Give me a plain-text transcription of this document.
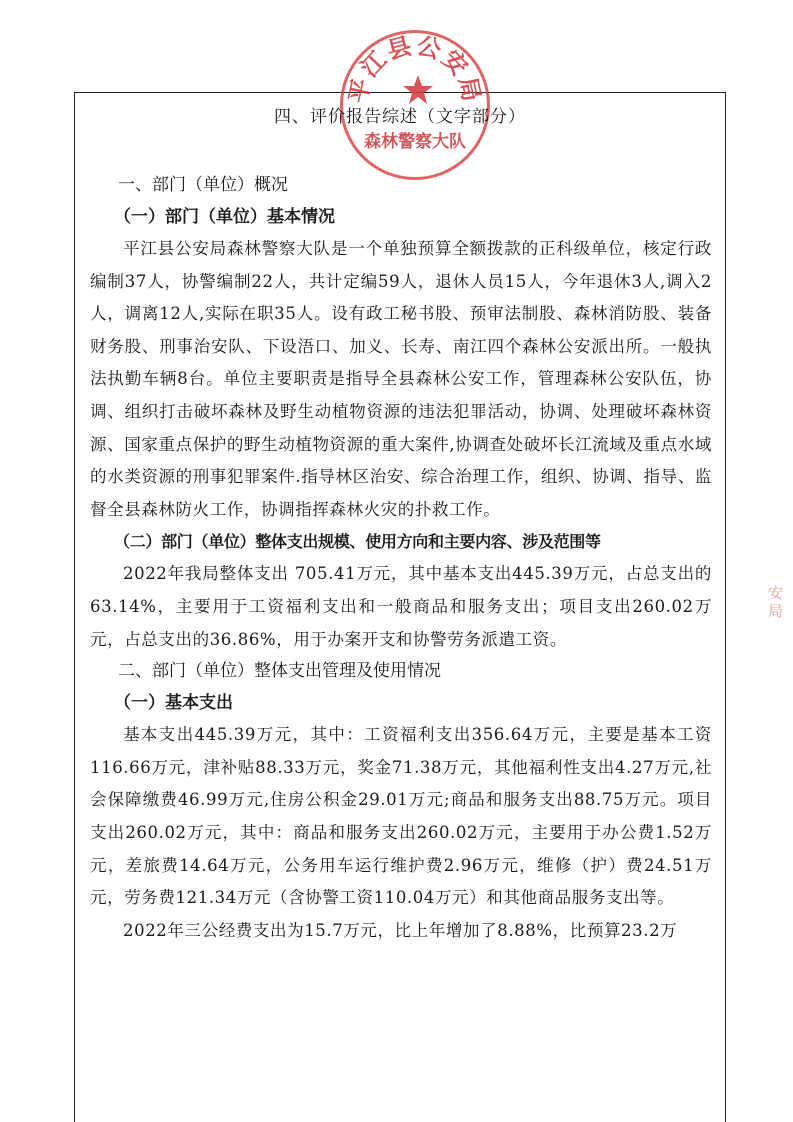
平江县公安局
森林警察大队
安 局
四、评价报告综述（文字部分）
一、部门（单位）概况
（一）部门（单位）基本情况
平江县公安局森林警察大队是一个单独预算全额拨款的正科级单位，核定行政编制37人，协警编制22人，共计定编59人，退休人员15人，今年退休3人,调入2人，调离12人,实际在职35人。设有政工秘书股、预审法制股、森林消防股、装备财务股、刑事治安队、下设浯口、加义、长寿、南江四个森林公安派出所。一般执法执勤车辆8台。单位主要职责是指导全县森林公安工作，管理森林公安队伍，协调、组织打击破坏森林及野生动植物资源的违法犯罪活动，协调、处理破坏森林资源、国家重点保护的野生动植物资源的重大案件,协调查处破坏长江流域及重点水域的水类资源的刑事犯罪案件.指导林区治安、综合治理工作，组织、协调、指导、监督全县森林防火工作，协调指挥森林火灾的扑救工作。
（二）部门（单位）整体支出规模、使用方向和主要内容、涉及范围等
2022年我局整体支出 705.41万元，其中基本支出445.39万元，占总支出的63.14%，主要用于工资福利支出和一般商品和服务支出；项目支出260.02万元，占总支出的36.86%，用于办案开支和协警劳务派遣工资。
二、部门（单位）整体支出管理及使用情况
（一）基本支出
基本支出445.39万元，其中：工资福利支出356.64万元，主要是基本工资116.66万元，津补贴88.33万元，奖金71.38万元，其他福利性支出4.27万元,社会保障缴费46.99万元,住房公积金29.01万元;商品和服务支出88.75万元。项目支出260.02万元，其中：商品和服务支出260.02万元，主要用于办公费1.52万元，差旅费14.64万元，公务用车运行维护费2.96万元，维修（护）费24.51万元，劳务费121.34万元（含协警工资110.04万元）和其他商品服务支出等。
2022年三公经费支出为15.7万元，比上年增加了8.88%，比预算23.2万
